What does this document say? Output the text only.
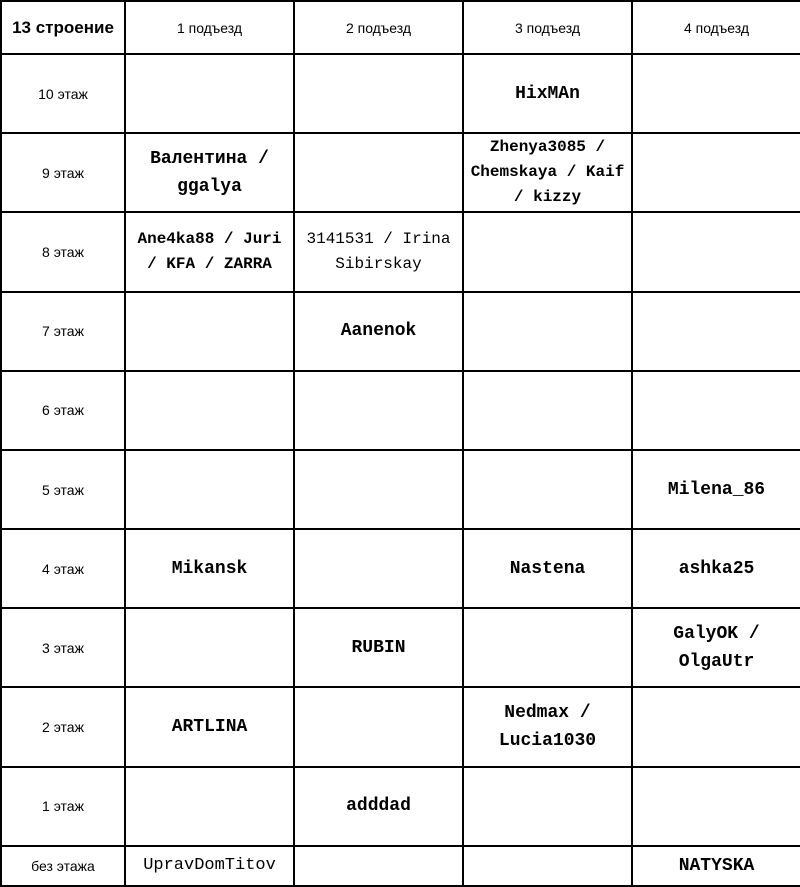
13 строение	1 подъезд	2 подъезд	3 подъезд	4 подъезд
10 этаж			HixMAn	
9 этаж	Валентина / ggalya		Zhenya3085 / Chemskaya / Kaif / kizzy	
8 этаж	Ane4ka88 / Juri / KFA / ZARRA	3141531 / Irina Sibirskay		
7 этаж		Aanenok		
6 этаж				
5 этаж				Milena_86
4 этаж	Mikansk		Nastena	ashka25
3 этаж		RUBIN		GalyOK / OlgaUtr
2 этаж	ARTLINA		Nedmax / Lucia1030	
1 этаж		adddad		
без этажа	UpravDomTitov			NATYSKA
